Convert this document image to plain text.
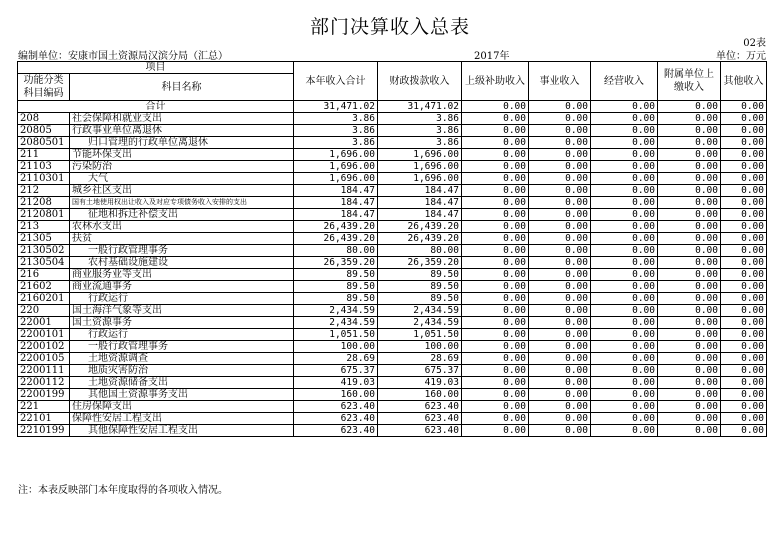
部门决算收入总表
02表
编制单位：安康市国土资源局汉滨分局（汇总）	2017年	单位：万元
项目		本年收入合计	财政拨款收入	上级补助收入	事业收入	经营收入	附属单位上缴收入	其他收入
功能分类科目编码	科目名称							

合计		31,471.02	31,471.02	0.00	0.00	0.00	0.00	0.00
208	社会保障和就业支出	3.86	3.86	0.00	0.00	0.00	0.00	0.00
20805	行政事业单位离退休	3.86	3.86	0.00	0.00	0.00	0.00	0.00
2080501	归口管理的行政单位离退休	3.86	3.86	0.00	0.00	0.00	0.00	0.00
211	节能环保支出	1,696.00	1,696.00	0.00	0.00	0.00	0.00	0.00
21103	污染防治	1,696.00	1,696.00	0.00	0.00	0.00	0.00	0.00
2110301	大气	1,696.00	1,696.00	0.00	0.00	0.00	0.00	0.00
212	城乡社区支出	184.47	184.47	0.00	0.00	0.00	0.00	0.00
21208	国有土地使用权出让收入及对应专项债务收入安排的支出	184.47	184.47	0.00	0.00	0.00	0.00	0.00
2120801	征地和拆迁补偿支出	184.47	184.47	0.00	0.00	0.00	0.00	0.00
213	农林水支出	26,439.20	26,439.20	0.00	0.00	0.00	0.00	0.00
21305	扶贫	26,439.20	26,439.20	0.00	0.00	0.00	0.00	0.00
2130502	一般行政管理事务	80.00	80.00	0.00	0.00	0.00	0.00	0.00
2130504	农村基础设施建设	26,359.20	26,359.20	0.00	0.00	0.00	0.00	0.00
216	商业服务业等支出	89.50	89.50	0.00	0.00	0.00	0.00	0.00
21602	商业流通事务	89.50	89.50	0.00	0.00	0.00	0.00	0.00
2160201	行政运行	89.50	89.50	0.00	0.00	0.00	0.00	0.00
220	国土海洋气象等支出	2,434.59	2,434.59	0.00	0.00	0.00	0.00	0.00
22001	国土资源事务	2,434.59	2,434.59	0.00	0.00	0.00	0.00	0.00
2200101	行政运行	1,051.50	1,051.50	0.00	0.00	0.00	0.00	0.00
2200102	一般行政管理事务	100.00	100.00	0.00	0.00	0.00	0.00	0.00
2200105	土地资源调查	28.69	28.69	0.00	0.00	0.00	0.00	0.00
2200111	地质灾害防治	675.37	675.37	0.00	0.00	0.00	0.00	0.00
2200112	土地资源储备支出	419.03	419.03	0.00	0.00	0.00	0.00	0.00
2200199	其他国土资源事务支出	160.00	160.00	0.00	0.00	0.00	0.00	0.00
221	住房保障支出	623.40	623.40	0.00	0.00	0.00	0.00	0.00
22101	保障性安居工程支出	623.40	623.40	0.00	0.00	0.00	0.00	0.00
2210199	其他保障性安居工程支出	623.40	623.40	0.00	0.00	0.00	0.00	0.00
注：本表反映部门本年度取得的各项收入情况。
